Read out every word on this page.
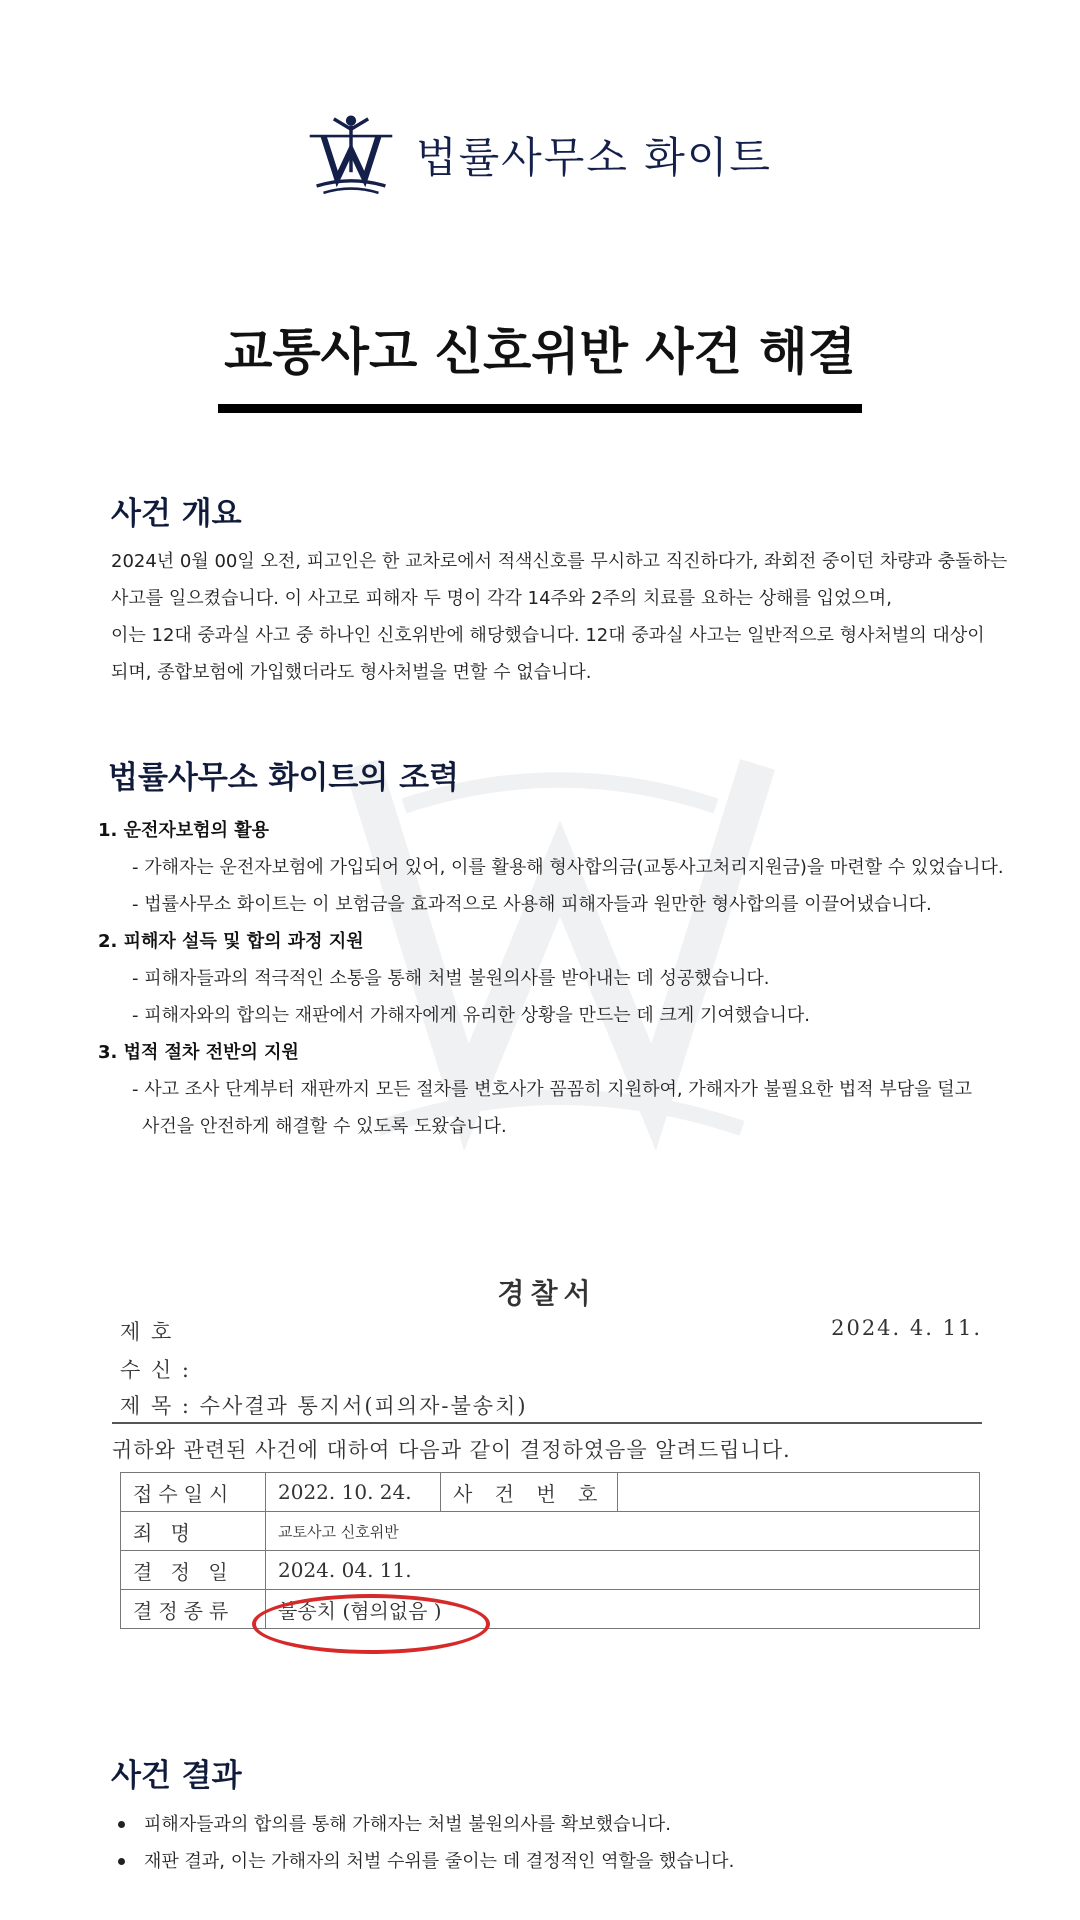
법률사무소 화이트
교통사고 신호위반 사건 해결
사건 개요

2024년 0월 00일 오전, 피고인은 한 교차로에서 적색신호를 무시하고 직진하다가, 좌회전 중이던 차량과 충돌하는

사고를 일으켰습니다. 이 사고로 피해자 두 명이 각각 14주와 2주의 치료를 요하는 상해를 입었으며,

이는 12대 중과실 사고 중 하나인 신호위반에 해당했습니다. 12대 중과실 사고는 일반적으로 형사처벌의 대상이

되며, 종합보험에 가입했더라도 형사처벌을 면할 수 없습니다.

법률사무소 화이트의 조력
1. 운전자보험의 활용
- 가해자는 운전자보험에 가입되어 있어, 이를 활용해 형사합의금(교통사고처리지원금)을 마련할 수 있었습니다.
- 법률사무소 화이트는 이 보험금을 효과적으로 사용해 피해자들과 원만한 형사합의를 이끌어냈습니다.
2. 피해자 설득 및 합의 과정 지원
- 피해자들과의 적극적인 소통을 통해 처벌 불원의사를 받아내는 데 성공했습니다.
- 피해자와의 합의는 재판에서 가해자에게 유리한 상황을 만드는 데 크게 기여했습니다.
3. 법적 절차 전반의 지원
- 사고 조사 단계부터 재판까지 모든 절차를 변호사가 꼼꼼히 지원하여, 가해자가 불필요한 법적 부담을 덜고
사건을 안전하게 해결할 수 있도록 도왔습니다.
경찰서
제 호	2024. 4. 11.
수 신 :
제 목 : 수사결과 통지서(피의자-불송치)
귀하와 관련된 사건에 대하여 다음과 같이 결정하였음을 알려드립니다.
접수일시	2022. 10. 24.	사 건 번 호	
죄 명	교토사고 신호위반		
결 정 일	2024. 04. 11.		
결정종류	불송치 (혐의없음 )		
사건 결과
피해자들과의 합의를 통해 가해자는 처벌 불원의사를 확보했습니다.
재판 결과, 이는 가해자의 처벌 수위를 줄이는 데 결정적인 역할을 했습니다.
